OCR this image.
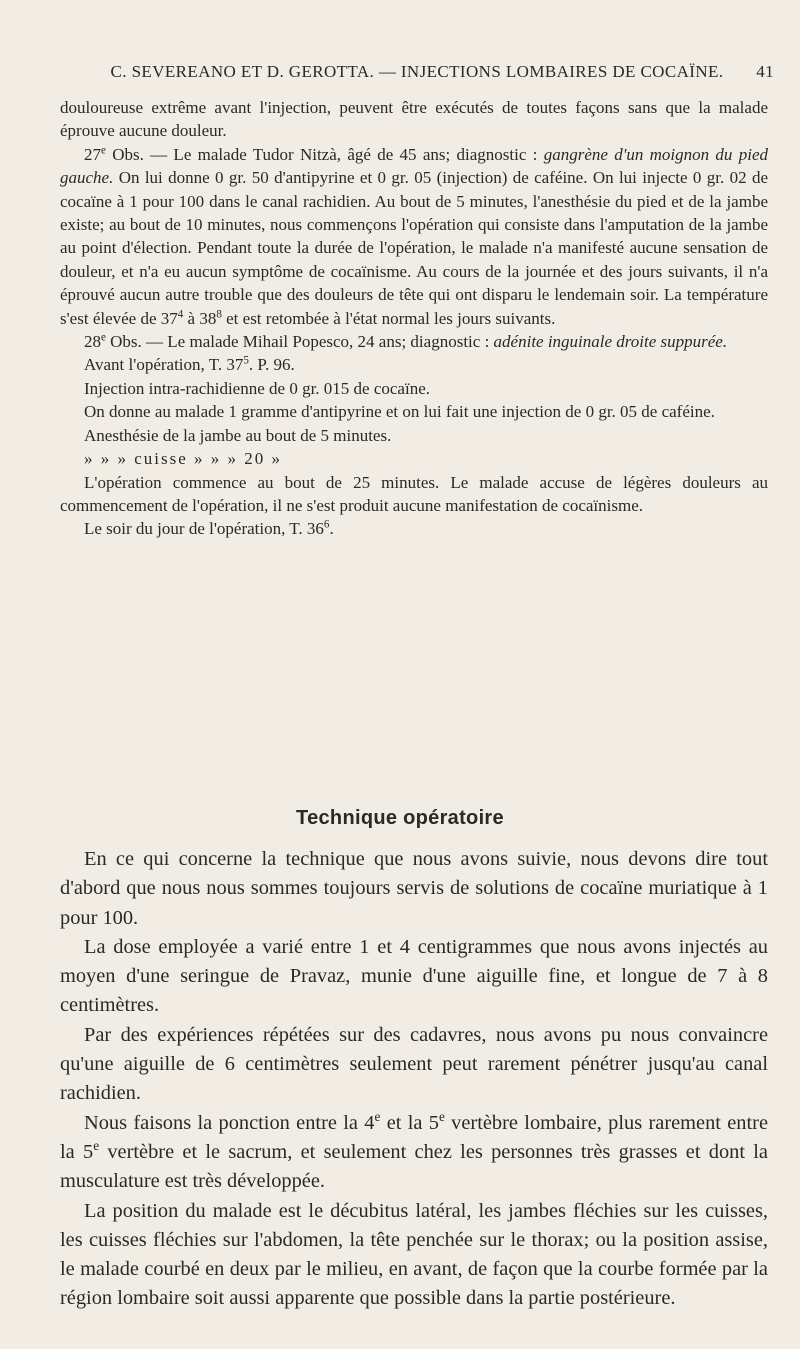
C. SEVEREANO ET D. GEROTTA. — INJECTIONS LOMBAIRES DE COCAÏNE.	41

douloureuse extrême avant l'injection, peuvent être exécutés de toutes façons sans que la malade éprouve aucune douleur.

27e Obs. — Le malade Tudor Nitzà, âgé de 45 ans; diagnostic : gangrène d'un moignon du pied gauche. On lui donne 0 gr. 50 d'antipyrine et 0 gr. 05 (injection) de caféine. On lui injecte 0 gr. 02 de cocaïne à 1 pour 100 dans le canal rachidien. Au bout de 5 minutes, l'anesthésie du pied et de la jambe existe; au bout de 10 minutes, nous commençons l'opération qui consiste dans l'amputation de la jambe au point d'élection. Pendant toute la durée de l'opération, le malade n'a manifesté aucune sensation de douleur, et n'a eu aucun symptôme de cocaïnisme. Au cours de la journée et des jours suivants, il n'a éprouvé aucun autre trouble que des douleurs de tête qui ont disparu le lendemain soir. La température s'est élevée de $37^4$ à $38^8$ et est retombée à l'état normal les jours suivants.

28e Obs. — Le malade Mihail Popesco, 24 ans; diagnostic : adénite inguinale droite suppurée.

Avant l'opération, T. $37^5$. P. 96.

Injection intra-rachidienne de 0 gr. 015 de cocaïne.

On donne au malade 1 gramme d'antipyrine et on lui fait une injection de 0 gr. 05 de caféine.

Anesthésie de la jambe au bout de 5 minutes.

» » » cuisse » » » 20 »

L'opération commence au bout de 25 minutes. Le malade accuse de légères douleurs au commencement de l'opération, il ne s'est produit aucune manifestation de cocaïnisme.

Le soir du jour de l'opération, T. $36^6$.

Technique opératoire

En ce qui concerne la technique que nous avons suivie, nous devons dire tout d'abord que nous nous sommes toujours servis de solutions de cocaïne muriatique à 1 pour 100.

La dose employée a varié entre 1 et 4 centigrammes que nous avons injectés au moyen d'une seringue de Pravaz, munie d'une aiguille fine, et longue de 7 à 8 centimètres.

Par des expériences répétées sur des cadavres, nous avons pu nous convaincre qu'une aiguille de 6 centimètres seulement peut rarement pénétrer jusqu'au canal rachidien.

Nous faisons la ponction entre la 4e et la 5e vertèbre lombaire, plus rarement entre la 5e vertèbre et le sacrum, et seulement chez les personnes très grasses et dont la musculature est très développée.

La position du malade est le décubitus latéral, les jambes fléchies sur les cuisses, les cuisses fléchies sur l'abdomen, la tête penchée sur le thorax; ou la position assise, le malade courbé en deux par le milieu, en avant, de façon que la courbe formée par la région lombaire soit aussi apparente que possible dans la partie postérieure.
